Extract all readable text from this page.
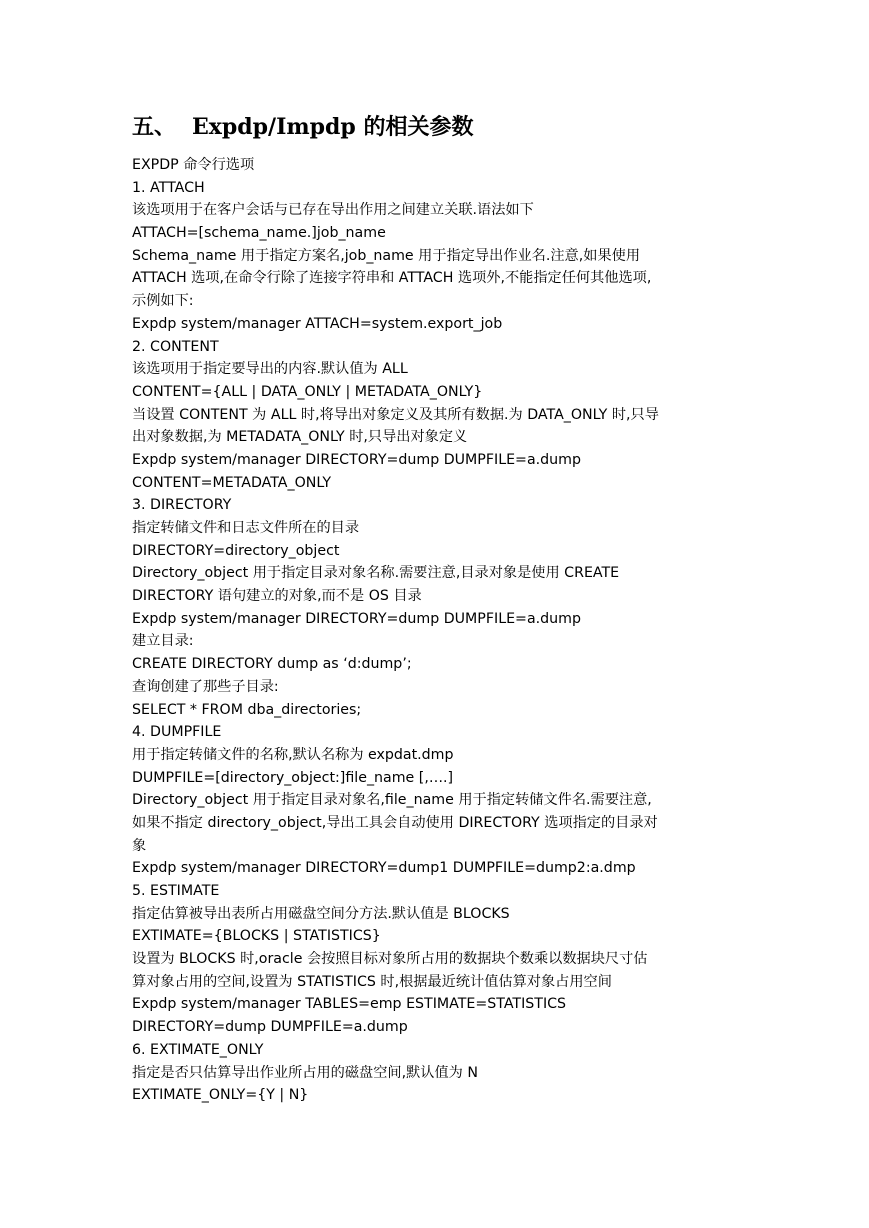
五、 Expdp/Impdp 的相关参数
EXPDP 命令行选项
1. ATTACH
该选项用于在客户会话与已存在导出作用之间建立关联.语法如下
ATTACH=[schema_name.]job_name
Schema_name 用于指定方案名,job_name 用于指定导出作业名.注意,如果使用
ATTACH 选项,在命令行除了连接字符串和 ATTACH 选项外,不能指定任何其他选项,
示例如下:
Expdp system/manager ATTACH=system.export_job
2. CONTENT
该选项用于指定要导出的内容.默认值为 ALL
CONTENT={ALL | DATA_ONLY | METADATA_ONLY}
当设置 CONTENT 为 ALL 时,将导出对象定义及其所有数据.为 DATA_ONLY 时,只导
出对象数据,为 METADATA_ONLY 时,只导出对象定义
Expdp system/manager DIRECTORY=dump DUMPFILE=a.dump
CONTENT=METADATA_ONLY
3. DIRECTORY
指定转储文件和日志文件所在的目录
DIRECTORY=directory_object
Directory_object 用于指定目录对象名称.需要注意,目录对象是使用 CREATE
DIRECTORY 语句建立的对象,而不是 OS 目录
Expdp system/manager DIRECTORY=dump DUMPFILE=a.dump
建立目录:
CREATE DIRECTORY dump as ‘d:dump’;
查询创建了那些子目录:
SELECT * FROM dba_directories;
4. DUMPFILE
用于指定转储文件的名称,默认名称为 expdat.dmp
DUMPFILE=[directory_object:]file_name [,….]
Directory_object 用于指定目录对象名,file_name 用于指定转储文件名.需要注意,
如果不指定 directory_object,导出工具会自动使用 DIRECTORY 选项指定的目录对
象
Expdp system/manager DIRECTORY=dump1 DUMPFILE=dump2:a.dmp
5. ESTIMATE
指定估算被导出表所占用磁盘空间分方法.默认值是 BLOCKS
EXTIMATE={BLOCKS | STATISTICS}
设置为 BLOCKS 时,oracle 会按照目标对象所占用的数据块个数乘以数据块尺寸估
算对象占用的空间,设置为 STATISTICS 时,根据最近统计值估算对象占用空间
Expdp system/manager TABLES=emp ESTIMATE=STATISTICS
DIRECTORY=dump DUMPFILE=a.dump
6. EXTIMATE_ONLY
指定是否只估算导出作业所占用的磁盘空间,默认值为 N
EXTIMATE_ONLY={Y | N}
